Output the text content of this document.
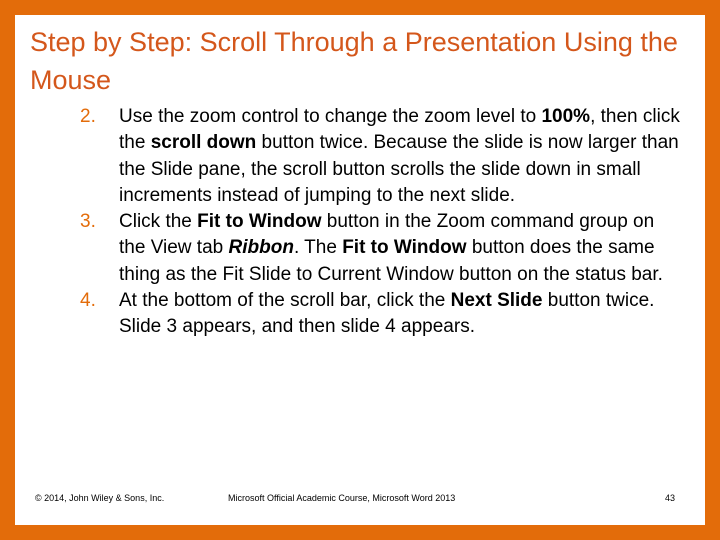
Step by Step: Scroll Through a Presentation Using the Mouse
2. Use the zoom control to change the zoom level to 100%, then click the scroll down button twice. Because the slide is now larger than the Slide pane, the scroll button scrolls the slide down in small increments instead of jumping to the next slide.
3. Click the Fit to Window button in the Zoom command group on the View tab Ribbon. The Fit to Window button does the same thing as the Fit Slide to Current Window button on the status bar.
4. At the bottom of the scroll bar, click the Next Slide button twice. Slide 3 appears, and then slide 4 appears.
© 2014, John Wiley & Sons, Inc.	Microsoft Official Academic Course, Microsoft Word 2013	43
